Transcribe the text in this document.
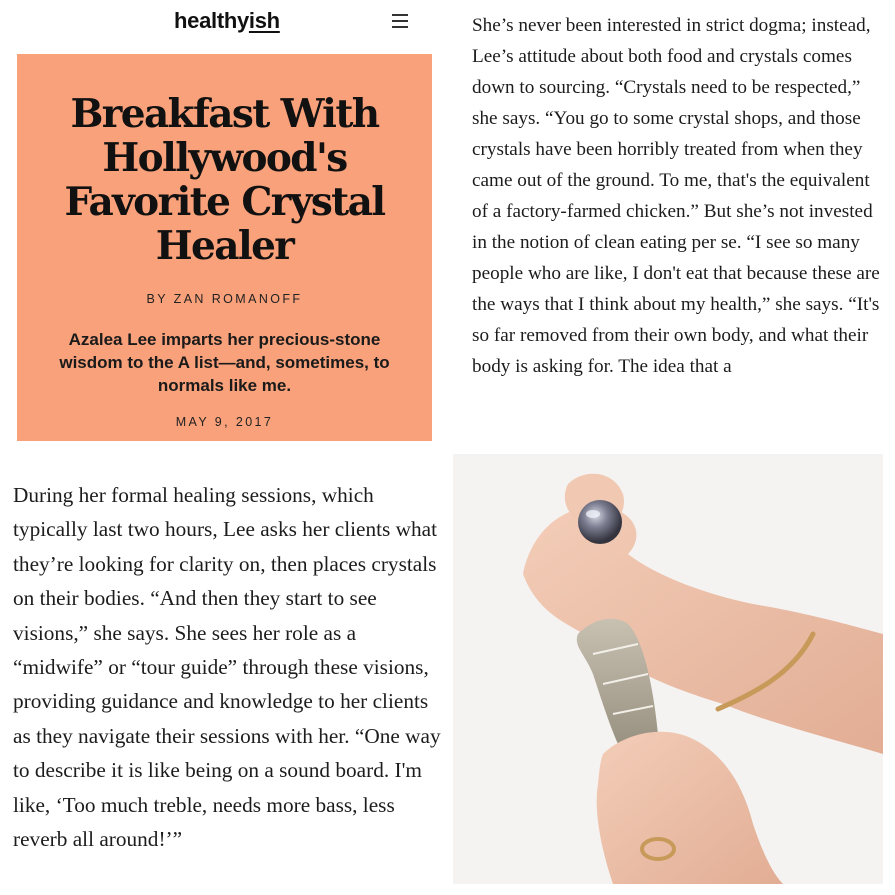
healthyish
Breakfast With
Hollywood's
Favorite Crystal
Healer
BY ZAN ROMANOFF
Azalea Lee imparts her precious-stone wisdom to the A list—and, sometimes, to normals like me.
MAY 9, 2017
She’s never been interested in strict dogma; instead, Lee’s attitude about both food and crystals comes down to sourcing. “Crystals need to be respected,” she says. “You go to some crystal shops, and those crystals have been horribly treated from when they came out of the ground. To me, that's the equivalent of a factory-farmed chicken.” But she’s not invested in the notion of clean eating per se. “I see so many people who are like, I don't eat that because these are the ways that I think about my health,” she says. “It's so far removed from their own body, and what their body is asking for. The idea that a
During her formal healing sessions, which typically last two hours, Lee asks her clients what they’re looking for clarity on, then places crystals on their bodies. “And then they start to see visions,” she says. She sees her role as a “midwife” or “tour guide” through these visions, providing guidance and knowledge to her clients as they navigate their sessions with her. “One way to describe it is like being on a sound board. I'm like, ‘Too much treble, needs more bass, less reverb all around!’”
